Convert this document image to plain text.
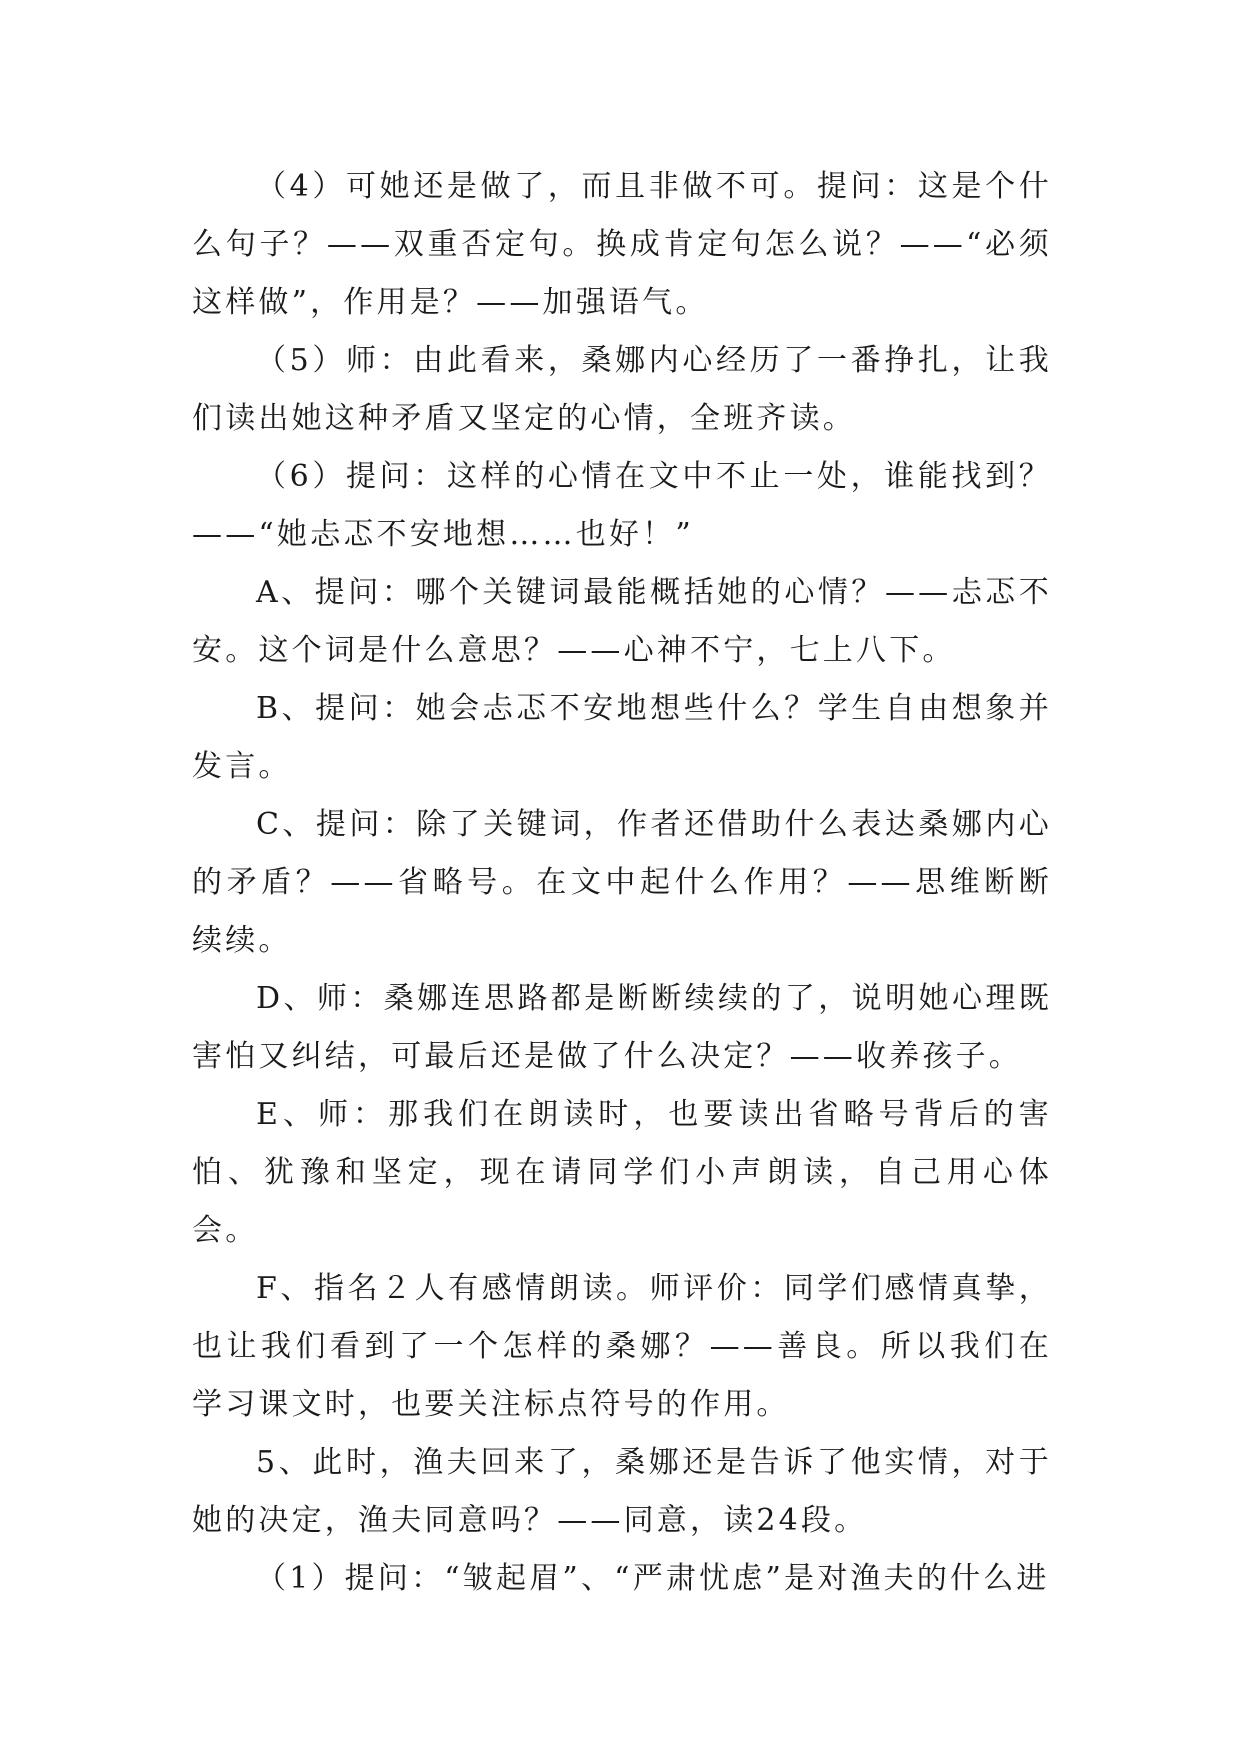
（4）可她还是做了，而且非做不可。提问：这是个什么句子？——双重否定句。换成肯定句怎么说？——“必须这样做”，作用是？——加强语气。

（5）师：由此看来，桑娜内心经历了一番挣扎，让我们读出她这种矛盾又坚定的心情，全班齐读。

（6）提问：这样的心情在文中不止一处，谁能找到？——“她忐忑不安地想……也好！”

A、提问：哪个关键词最能概括她的心情？——忐忑不安。这个词是什么意思？——心神不宁，七上八下。

B、提问：她会忐忑不安地想些什么？学生自由想象并发言。

C、提问：除了关键词，作者还借助什么表达桑娜内心的矛盾？——省略号。在文中起什么作用？——思维断断续续。

D、师：桑娜连思路都是断断续续的了，说明她心理既害怕又纠结，可最后还是做了什么决定？——收养孩子。

E、师：那我们在朗读时，也要读出省略号背后的害怕、犹豫和坚定，现在请同学们小声朗读，自己用心体会。

F、指名２人有感情朗读。师评价：同学们感情真挚，也让我们看到了一个怎样的桑娜？——善良。所以我们在学习课文时，也要关注标点符号的作用。

5、此时，渔夫回来了，桑娜还是告诉了他实情，对于她的决定，渔夫同意吗？——同意，读24段。

（1）提问：“皱起眉”、“严肃忧虑”是对渔夫的什么进
